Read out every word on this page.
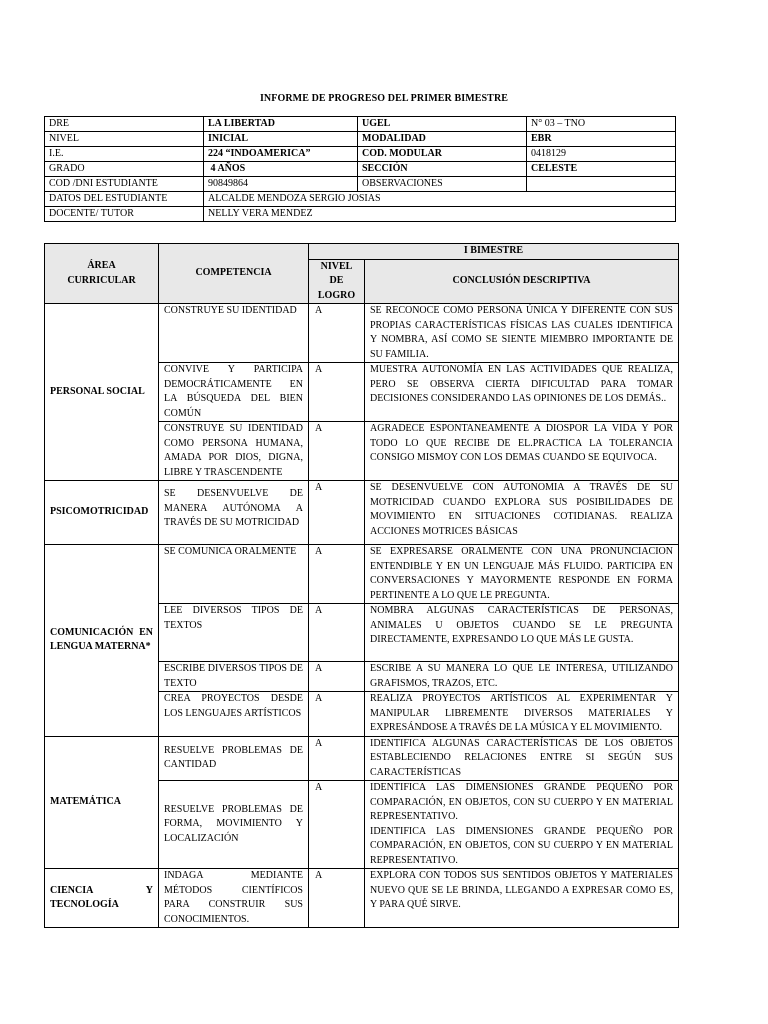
INFORME DE PROGRESO DEL PRIMER BIMESTRE
DRE	LA LIBERTAD	UGEL	N° 03 – TNO
NIVEL	INICIAL	MODALIDAD	EBR
I.E.	224 “INDOAMERICA”	COD. MODULAR	0418129
GRADO	4 AÑOS	SECCIÓN	CELESTE
COD /DNI ESTUDIANTE	90849864	OBSERVACIONES	
DATOS DEL ESTUDIANTE	ALCALDE MENDOZA SERGIO JOSIAS		
DOCENTE/ TUTOR	NELLY VERA MENDEZ		
ÁREA CURRICULAR	COMPETENCIA	I BIMESTRE	
		NIVEL DE LOGRO	CONCLUSIÓN DESCRIPTIVA
PERSONAL SOCIAL	CONSTRUYE SU IDENTIDAD	A	SE RECONOCE COMO PERSONA ÚNICA Y DIFERENTE CON SUS PROPIAS CARACTERÍSTICAS FÍSICAS LAS CUALES IDENTIFICA Y NOMBRA, ASÍ COMO SE SIENTE MIEMBRO IMPORTANTE DE SU FAMILIA.
	CONVIVE Y PARTICIPA DEMOCRÁTICAMENTE EN LA BÚSQUEDA DEL BIEN COMÚN	A	MUESTRA AUTONOMÍA EN LAS ACTIVIDADES QUE REALIZA, PERO SE OBSERVA CIERTA DIFICULTAD PARA TOMAR DECISIONES CONSIDERANDO LAS OPINIONES DE LOS DEMÁS..
	CONSTRUYE SU IDENTIDAD COMO PERSONA HUMANA, AMADA POR DIOS, DIGNA, LIBRE Y TRASCENDENTE	A	AGRADECE ESPONTANEAMENTE A DIOSPOR LA VIDA Y POR TODO LO QUE RECIBE DE EL.PRACTICA LA TOLERANCIA CONSIGO MISMOY CON LOS DEMAS CUANDO SE EQUIVOCA.
PSICOMOTRICIDAD	SE DESENVUELVE DE MANERA AUTÓNOMA A TRAVÉS DE SU MOTRICIDAD	A	SE DESENVUELVE CON AUTONOMIA A TRAVÉS DE SU MOTRICIDAD CUANDO EXPLORA SUS POSIBILIDADES DE MOVIMIENTO EN SITUACIONES COTIDIANAS. REALIZA ACCIONES MOTRICES BÁSICAS
COMUNICACIÓN EN LENGUA MATERNA*	SE COMUNICA ORALMENTE	A	SE EXPRESARSE ORALMENTE CON UNA PRONUNCIACION ENTENDIBLE Y EN UN LENGUAJE MÁS FLUIDO. PARTICIPA EN CONVERSACIONES Y MAYORMENTE RESPONDE EN FORMA PERTINENTE A LO QUE LE PREGUNTA.
	LEE DIVERSOS TIPOS DE TEXTOS	A	NOMBRA ALGUNAS CARACTERÍSTICAS DE PERSONAS, ANIMALES U OBJETOS CUANDO SE LE PREGUNTA DIRECTAMENTE, EXPRESANDO LO QUE MÁS LE GUSTA.
	ESCRIBE DIVERSOS TIPOS DE TEXTO	A	ESCRIBE A SU MANERA LO QUE LE INTERESA, UTILIZANDO GRAFISMOS, TRAZOS, ETC.
	CREA PROYECTOS DESDE LOS LENGUAJES ARTÍSTICOS	A	REALIZA PROYECTOS ARTÍSTICOS AL EXPERIMENTAR Y MANIPULAR LIBREMENTE DIVERSOS MATERIALES Y EXPRESÁNDOSE A TRAVÉS DE LA MÚSICA Y EL MOVIMIENTO.
MATEMÁTICA	RESUELVE PROBLEMAS DE CANTIDAD	A	IDENTIFICA ALGUNAS CARACTERÍSTICAS DE LOS OBJETOS ESTABLECIENDO RELACIONES ENTRE SI SEGÚN SUS CARACTERÍSTICAS
	RESUELVE PROBLEMAS DE FORMA, MOVIMIENTO Y LOCALIZACIÓN	A	IDENTIFICA LAS DIMENSIONES GRANDE PEQUEÑO POR COMPARACIÓN, EN OBJETOS, CON SU CUERPO Y EN MATERIAL REPRESENTATIVO.
IDENTIFICA LAS DIMENSIONES GRANDE PEQUEÑO POR COMPARACIÓN, EN OBJETOS, CON SU CUERPO Y EN MATERIAL REPRESENTATIVO.

CIENCIA Y TECNOLOGÍA	INDAGA MEDIANTE MÉTODOS CIENTÍFICOS PARA CONSTRUIR SUS CONOCIMIENTOS.	A	EXPLORA CON TODOS SUS SENTIDOS OBJETOS Y MATERIALES NUEVO QUE SE LE BRINDA, LLEGANDO A EXPRESAR COMO ES, Y PARA QUÉ SIRVE.
